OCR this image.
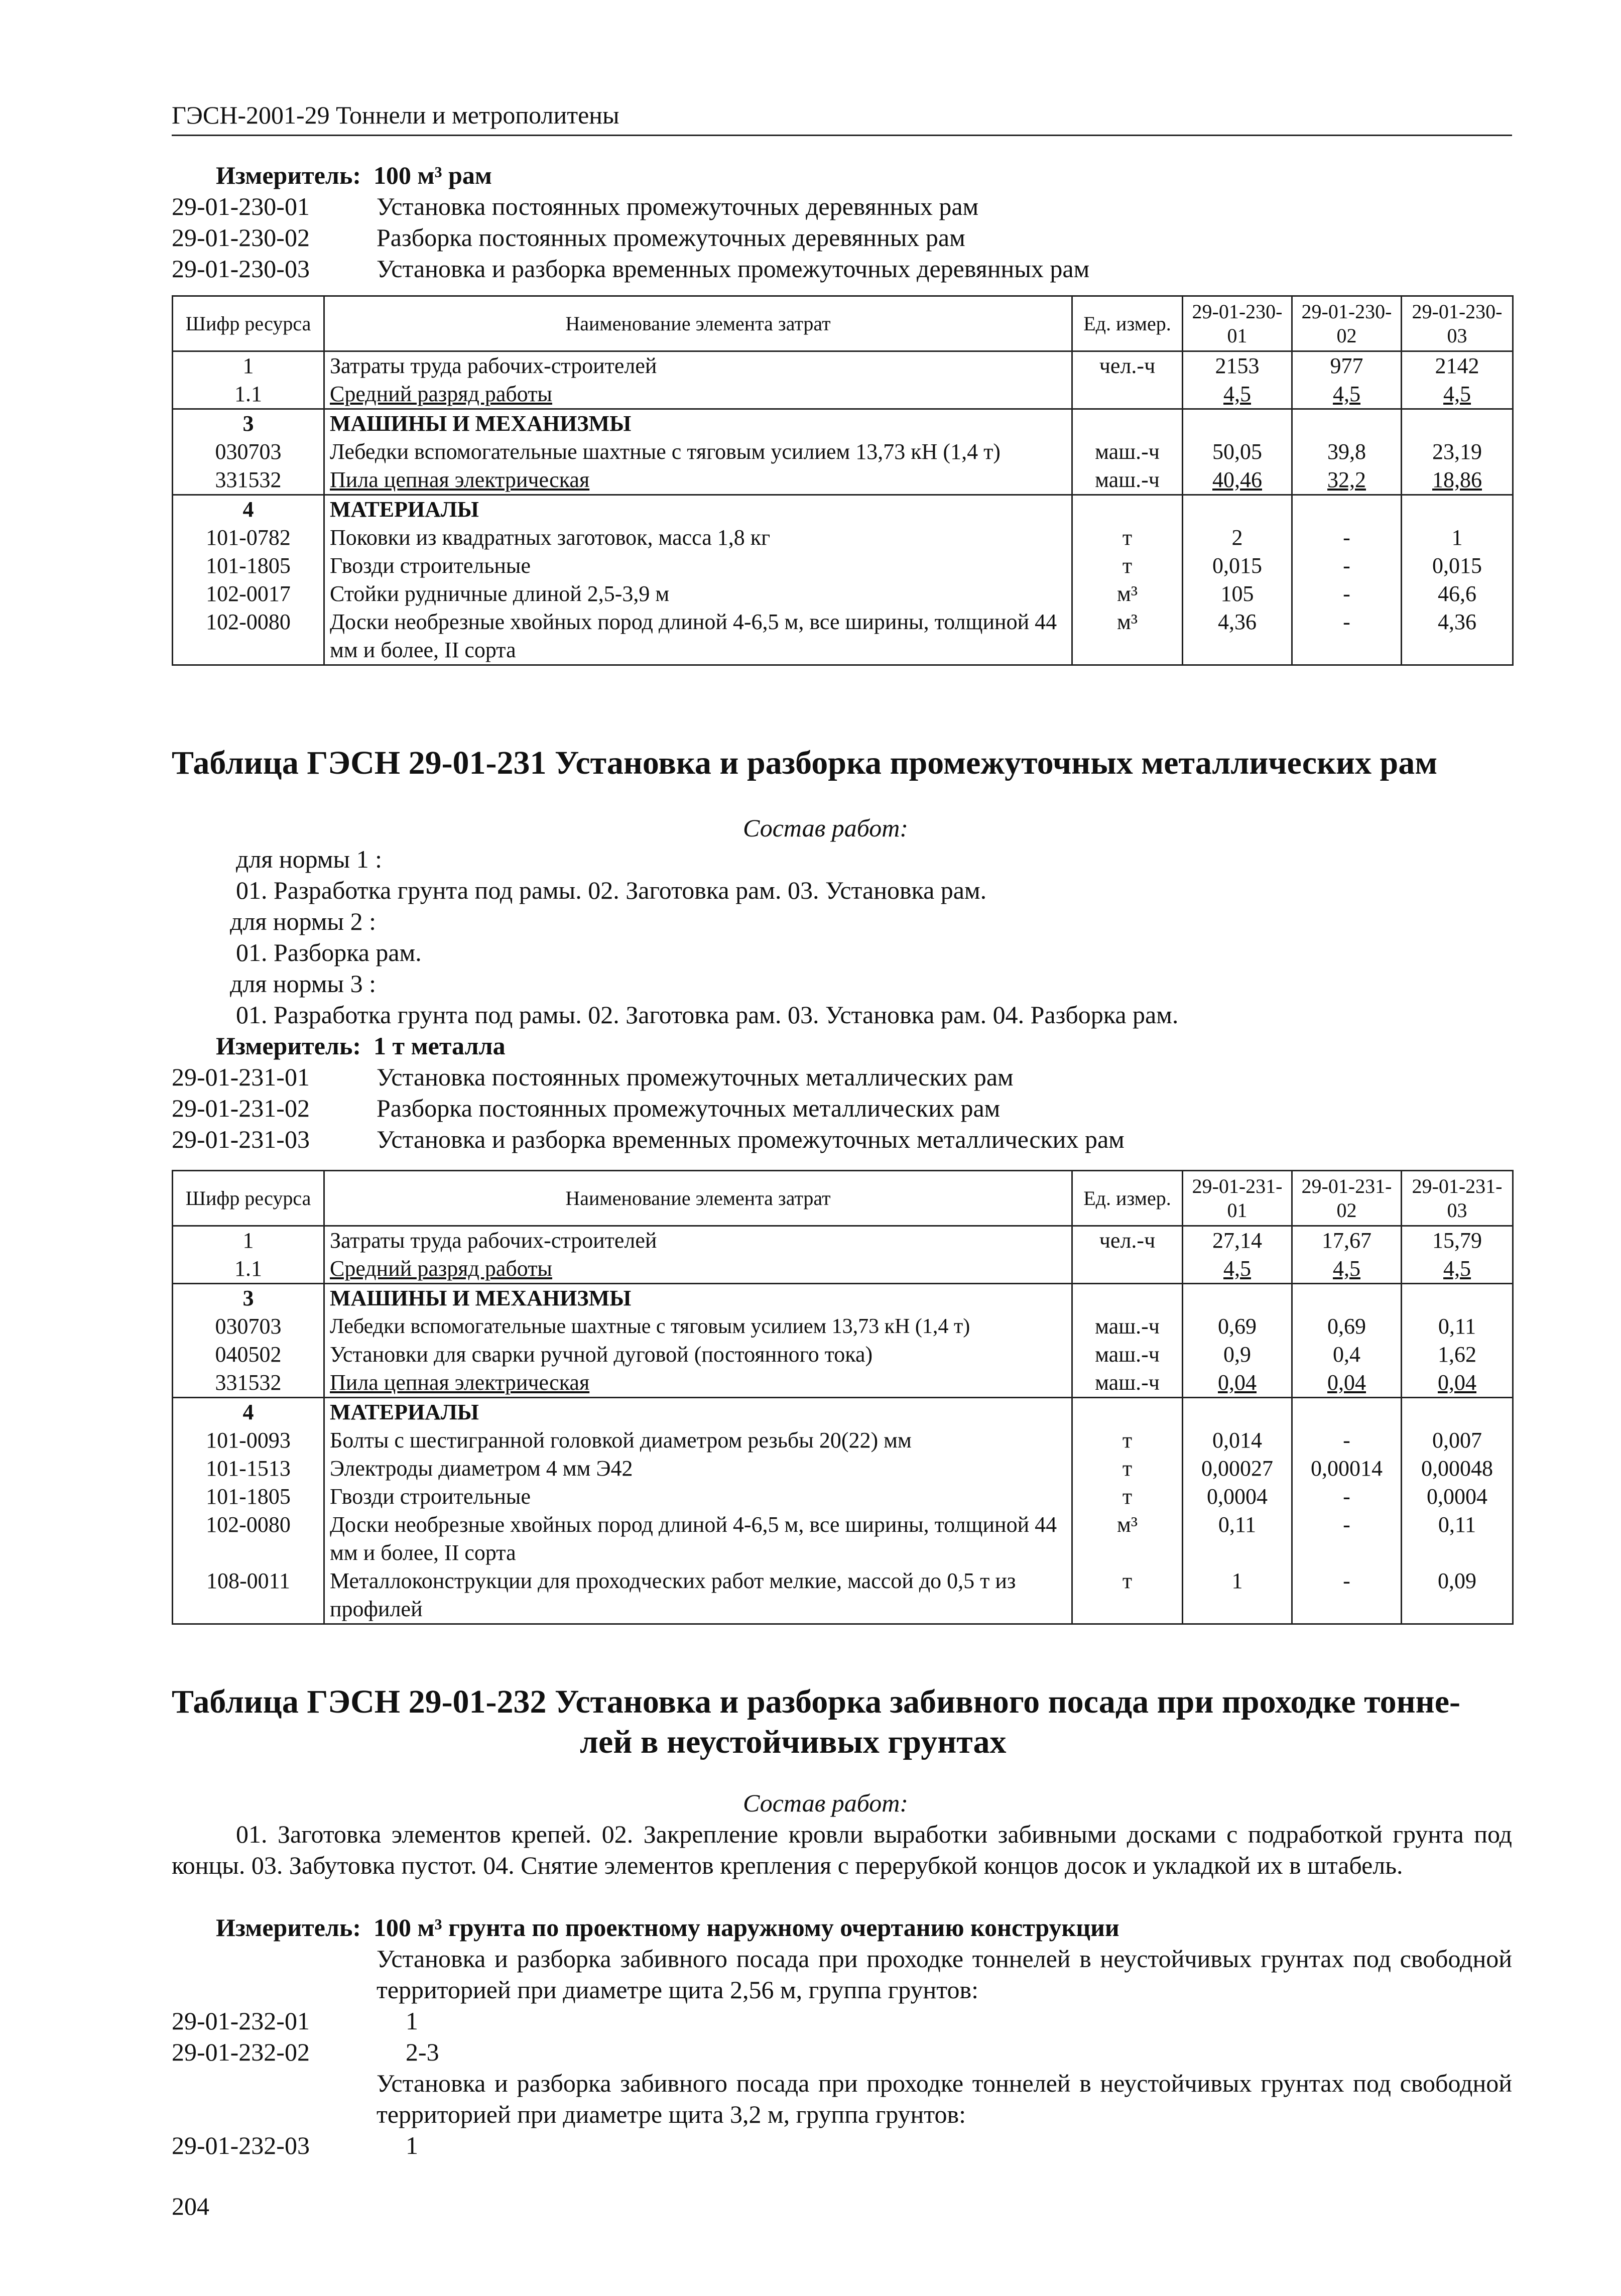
ГЭСН-2001-29 Тоннели и метрополитены
Измеритель: 100 м³ рам
29-01-230-01	Установка постоянных промежуточных деревянных рам
29-01-230-02	Разборка постоянных промежуточных деревянных рам
29-01-230-03	Установка и разборка временных промежуточных деревянных рам
Шифр ресурса	Наименование элемента затрат	Ед. измер.	29-01-230-01	29-01-230-02	29-01-230-03
1	Затраты труда рабочих-строителей	чел.-ч	2153	977	2142
1.1	Средний разряд работы		4,5	4,5	4,5
3	МАШИНЫ И МЕХАНИЗМЫ				
030703	Лебедки вспомогательные шахтные с тяговым усилием 13,73 кН (1,4 т)	маш.-ч	50,05	39,8	23,19
331532	Пила цепная электрическая	маш.-ч	40,46	32,2	18,86
4	МАТЕРИАЛЫ				
101-0782	Поковки из квадратных заготовок, масса 1,8 кг	т	2	-	1
101-1805	Гвозди строительные	т	0,015	-	0,015
102-0017	Стойки рудничные длиной 2,5-3,9 м	м³	105	-	46,6
102-0080	Доски необрезные хвойных пород длиной 4-6,5 м, все ширины, толщиной 44 мм и более, II сорта	м³	4,36	-	4,36
Таблица ГЭСН 29-01-231 Установка и разборка промежуточных металлических рам
Состав работ:
для нормы 1 :
01. Разработка грунта под рамы. 02. Заготовка рам. 03. Установка рам.
для нормы 2 :
01. Разборка рам.
для нормы 3 :
01. Разработка грунта под рамы. 02. Заготовка рам. 03. Установка рам. 04. Разборка рам.
Измеритель: 1 т металла
29-01-231-01	Установка постоянных промежуточных металлических рам
29-01-231-02	Разборка постоянных промежуточных металлических рам
29-01-231-03	Установка и разборка временных промежуточных металлических рам
Шифр ресурса	Наименование элемента затрат	Ед. измер.	29-01-231-01	29-01-231-02	29-01-231-03
1	Затраты труда рабочих-строителей	чел.-ч	27,14	17,67	15,79
1.1	Средний разряд работы		4,5	4,5	4,5
3	МАШИНЫ И МЕХАНИЗМЫ				
030703	Лебедки вспомогательные шахтные с тяговым усилием 13,73 кН (1,4 т)	маш.-ч	0,69	0,69	0,11
040502	Установки для сварки ручной дуговой (постоянного тока)	маш.-ч	0,9	0,4	1,62
331532	Пила цепная электрическая	маш.-ч	0,04	0,04	0,04
4	МАТЕРИАЛЫ				
101-0093	Болты с шестигранной головкой диаметром резьбы 20(22) мм	т	0,014	-	0,007
101-1513	Электроды диаметром 4 мм Э42	т	0,00027	0,00014	0,00048
101-1805	Гвозди строительные	т	0,0004	-	0,0004
102-0080	Доски необрезные хвойных пород длиной 4-6,5 м, все ширины, толщиной 44 мм и более, II сорта	м³	0,11	-	0,11
108-0011	Металлоконструкции для проходческих работ мелкие, массой до 0,5 т из профилей	т	1	-	0,09
Таблица ГЭСН 29-01-232 Установка и разборка забивного посада при проходке тонне-
лей в неустойчивых грунтах
Состав работ:
01. Заготовка элементов крепей. 02. Закрепление кровли выработки забивными досками с подработкой грунта под концы. 03. Забутовка пустот. 04. Снятие элементов крепления с перерубкой концов досок и укладкой их в штабель.
Измеритель: 100 м³ грунта по проектному наружному очертанию конструкции
Установка и разборка забивного посада при проходке тоннелей в неустойчивых грунтах под свободной территорией при диаметре щита 2,56 м, группа грунтов:
29-01-232-01	1
29-01-232-02	2-3
Установка и разборка забивного посада при проходке тоннелей в неустойчивых грунтах под свободной территорией при диаметре щита 3,2 м, группа грунтов:
29-01-232-03	1
204
